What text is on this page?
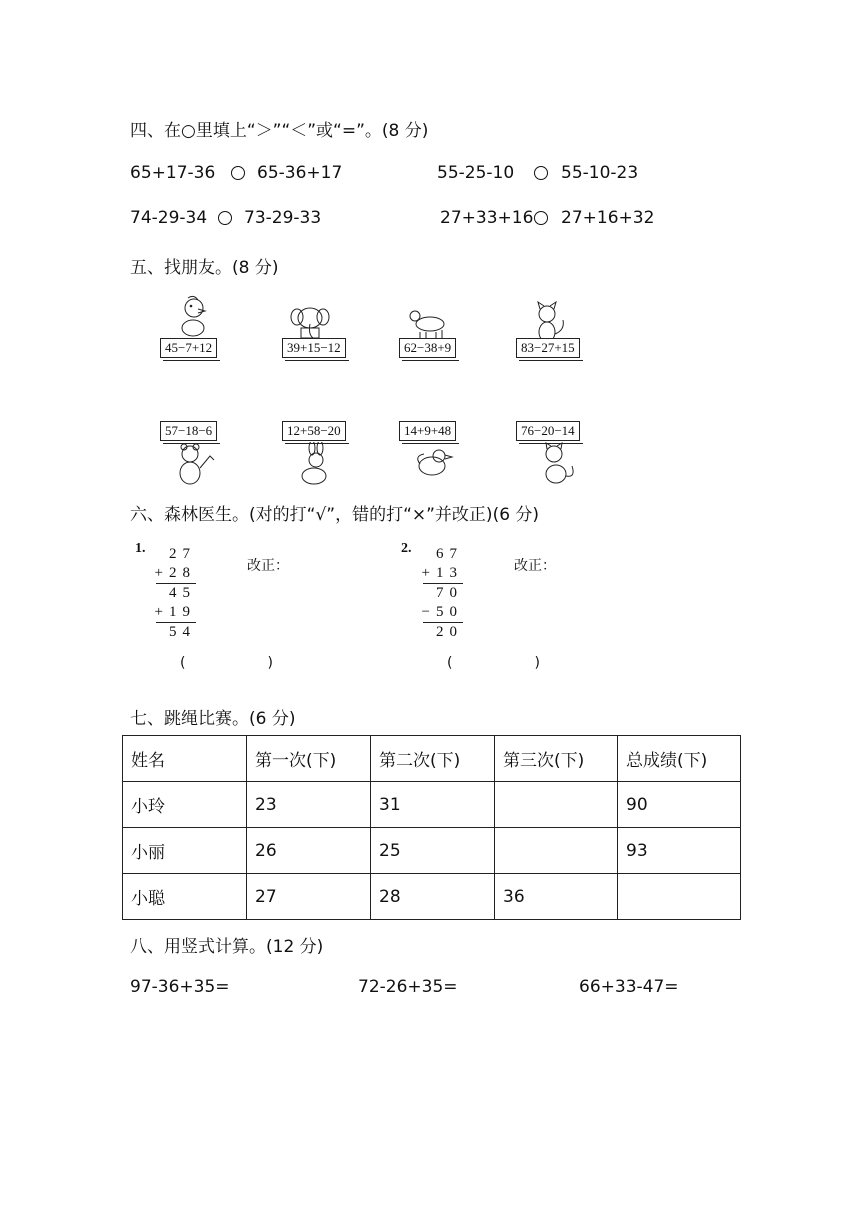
四、在○里填上“＞”“＜”或“=”。(8 分)
65+17-36 65-36+17	55-25-10	55-10-23
74-29-34 73-29-33	27+33+16 27+16+32
五、找朋友。(8 分)
45−7+12	39+15−12	62−38+9	83−27+15
57−18−6	12+58−20	14+9+48	76−20−14
六、森林医生。(对的打“√”，错的打“×”并改正)(6 分)
1.	27
+28
45
+19
54
改正：
(　　)
2.	67
+13
70
−50
20
改正：
(　　)
七、跳绳比赛。(6 分)
姓名	第一次(下)	第二次(下)	第三次(下)	总成绩(下)
小玲	23	31		90
小丽	26	25		93
小聪	27	28	36	
八、用竖式计算。(12 分)
97-36+35=	72-26+35=	66+33-47=
